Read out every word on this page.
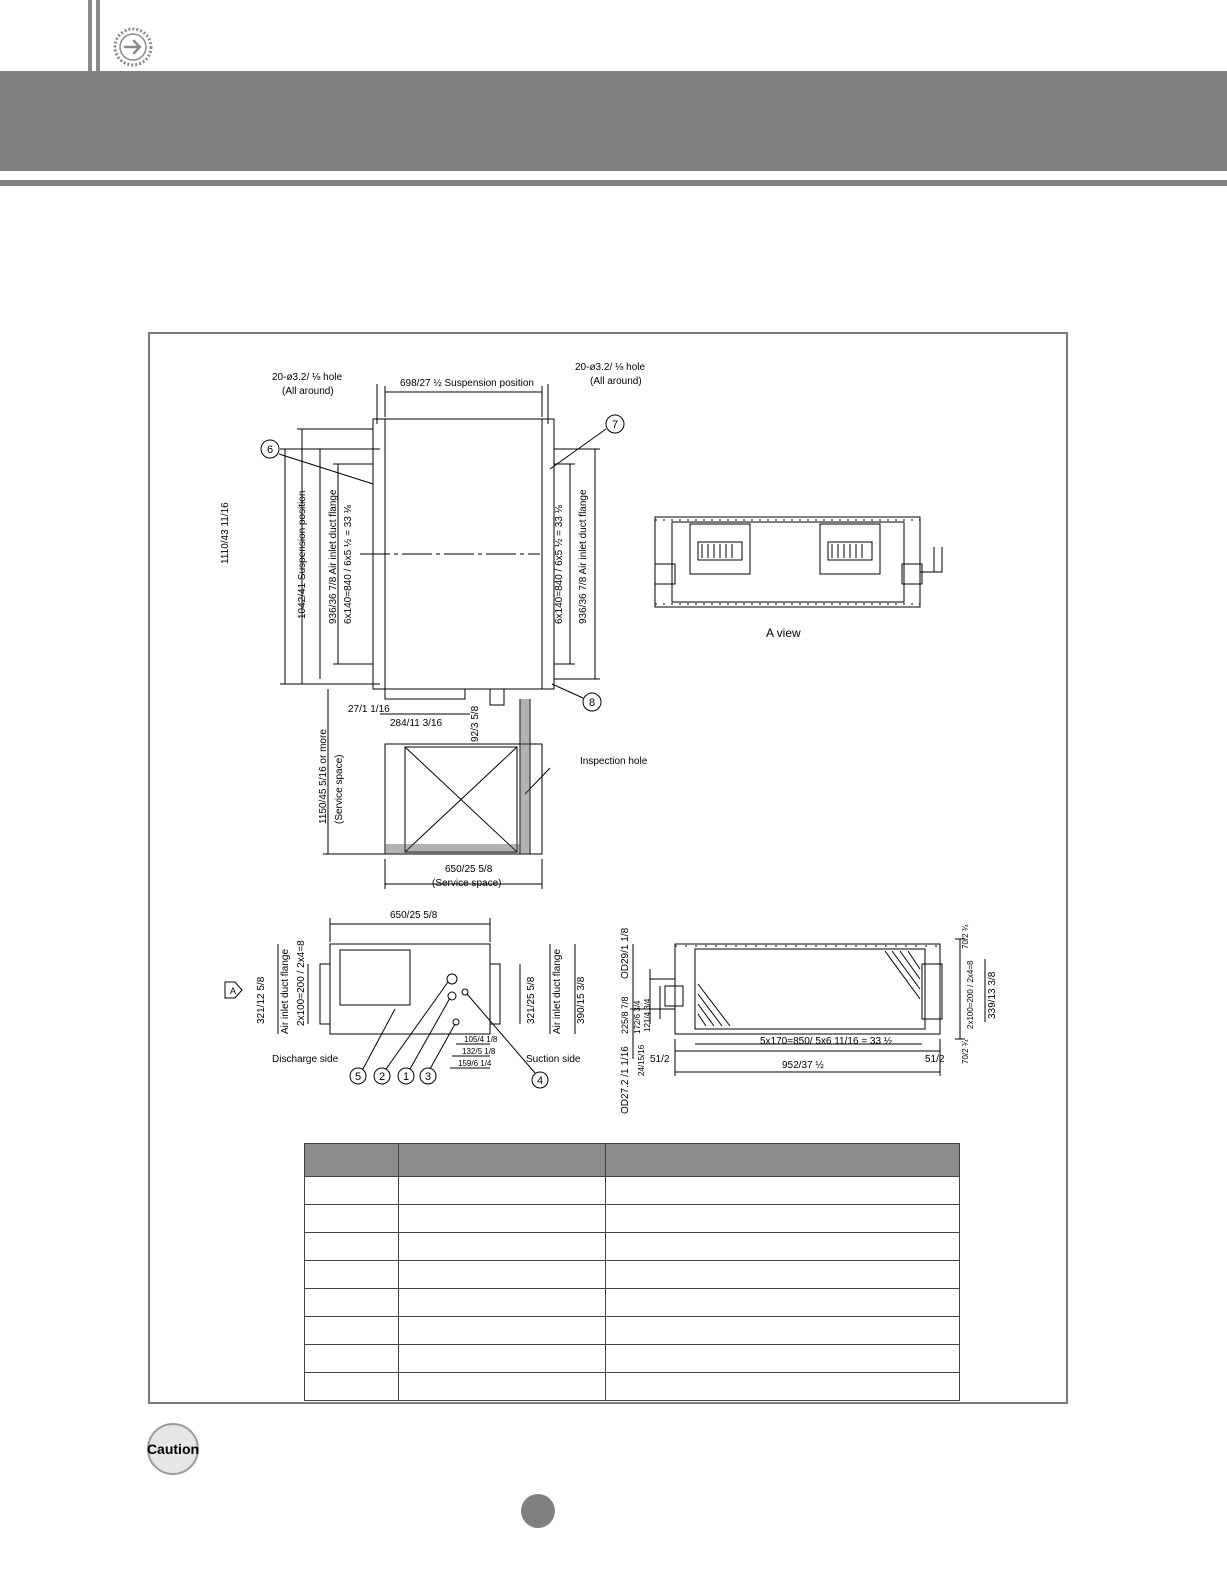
6
7
8
20-ø3.2/ ⅛ hole
(All around)
698/27 ½ Suspension position
20-ø3.2/ ⅛ hole
(All around)
1110/43 11/16	1042/41 Suspension position 936/36 7/8 Air inlet duct flange 6x140=840 / 6x5 ½ = 33 ⅛	6x140=840 / 6x5 ½ = 33 ⅛ 936/36 7/8 Air inlet duct flange
27/1 1/16
284/11 3/16	92/3 5/8
1150/45 5/16 or more (Service space)	Inspection hole
650/25 5/8
(Service space)
A view
5 2 1 3	4
A
650/25 5/8
321/12 5/8 Air inlet duct flange 2x100=200 / 2x4=8	321/25 5/8 Air inlet duct flange 390/15 3/8
105/4 1/8
132/5 1/8
159/6 1/4
Discharge side	Suction side
OD29/1 1/8
225/8 7/8 172/6 3/4 121/4 3/4
24/15/16
OD27.2 /1 1/16 51/2
5x170=850/ 5x6 11/16 = 33 ½
51/2
952/37 ½
70/2 ¾
2x100=200 / 2x4=8 339/13 3/8
70/2 ¾

Caution
